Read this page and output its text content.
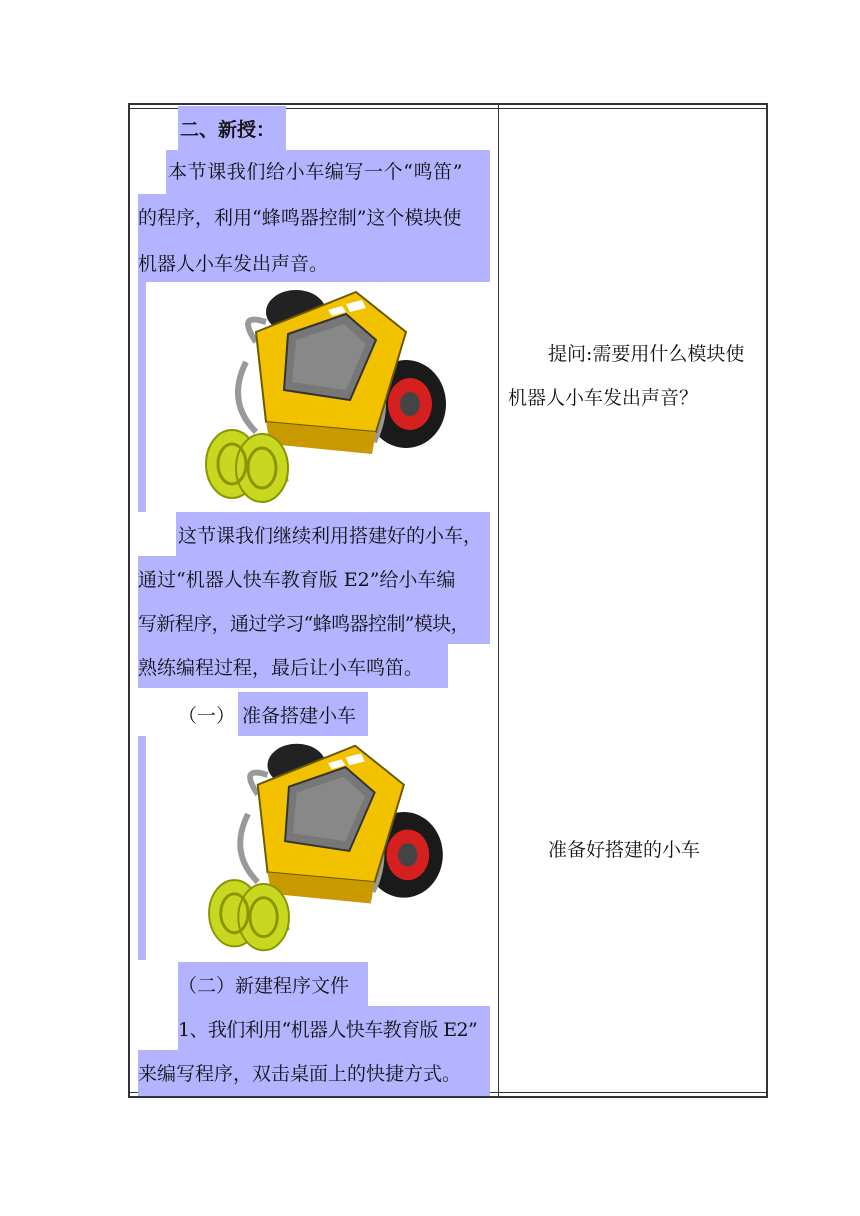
二、新授：
本节课我们给小车编写一个“鸣笛”
的程序，利用“蜂鸣器控制”这个模块使
机器人小车发出声音。
这节课我们继续利用搭建好的小车，
通过“机器人快车教育版 E2”给小车编
写新程序，通过学习“蜂鸣器控制”模块，
熟练编程过程，最后让小车鸣笛。
（一） 准备搭建小车
（二）新建程序文件
1、我们利用“机器人快车教育版 E2”
来编写程序，双击桌面上的快捷方式。
提问:需要用什么模块使
机器人小车发出声音？
准备好搭建的小车
